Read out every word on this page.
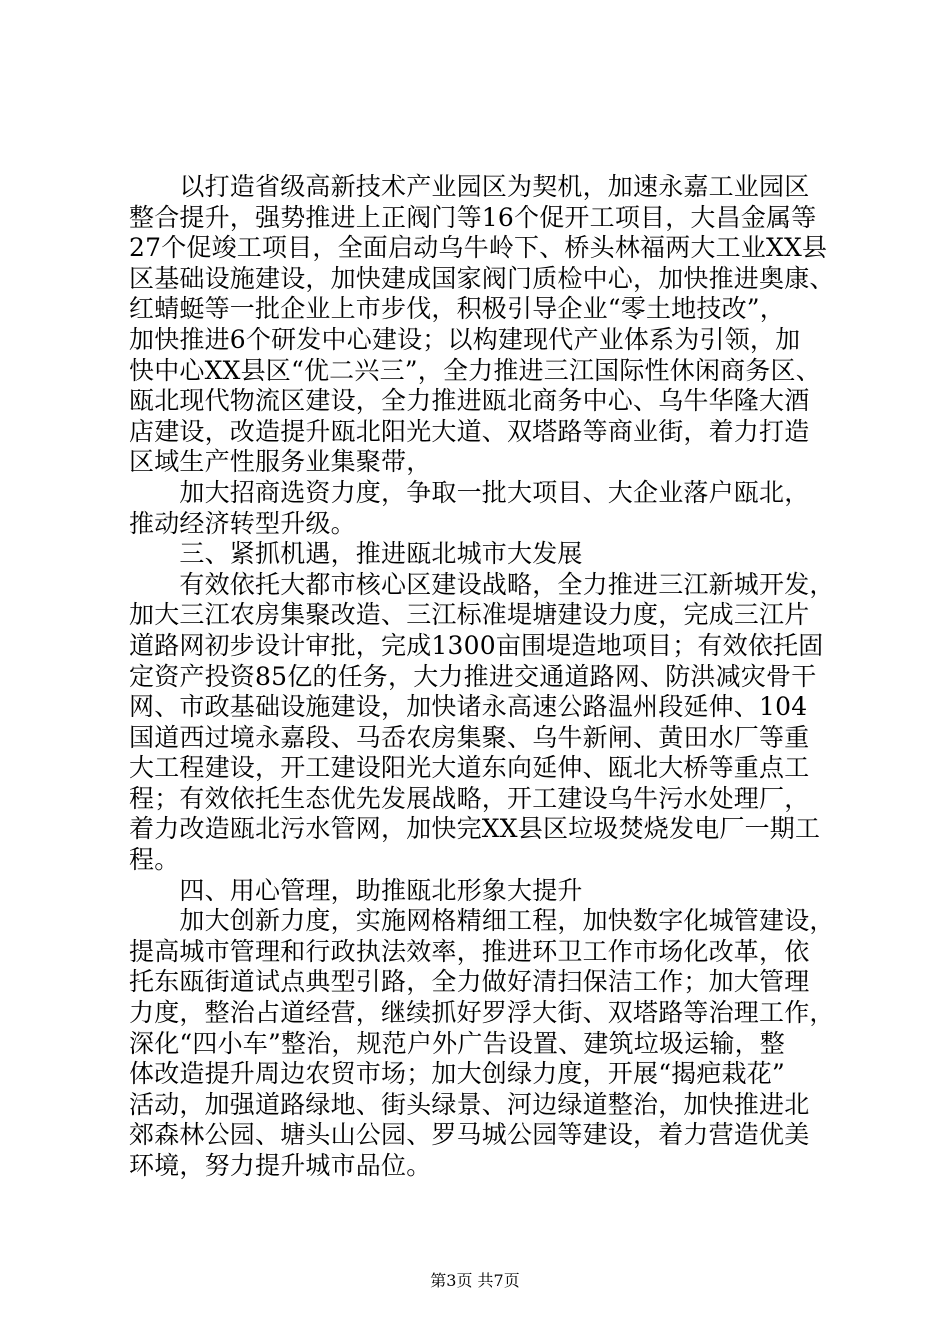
　　以打造省级高新技术产业园区为契机，加速永嘉工业园区
整合提升，强势推进上正阀门等16个促开工项目，大昌金属等
27个促竣工项目，全面启动乌牛岭下、桥头林福两大工业XX县
区基础设施建设，加快建成国家阀门质检中心，加快推进奥康、
红蜻蜓等一批企业上市步伐，积极引导企业“零土地技改”，
加快推进6个研发中心建设；以构建现代产业体系为引领，加
快中心XX县区“优二兴三”，全力推进三江国际性休闲商务区、
瓯北现代物流区建设，全力推进瓯北商务中心、乌牛华隆大酒
店建设，改造提升瓯北阳光大道、双塔路等商业街，着力打造
区域生产性服务业集聚带，
　　加大招商选资力度，争取一批大项目、大企业落户瓯北，
推动经济转型升级。
　　三、紧抓机遇，推进瓯北城市大发展
　　有效依托大都市核心区建设战略，全力推进三江新城开发，
加大三江农房集聚改造、三江标准堤塘建设力度，完成三江片
道路网初步设计审批，完成1300亩围堤造地项目；有效依托固
定资产投资85亿的任务，大力推进交通道路网、防洪减灾骨干
网、市政基础设施建设，加快诸永高速公路温州段延伸、104
国道西过境永嘉段、马岙农房集聚、乌牛新闸、黄田水厂等重
大工程建设，开工建设阳光大道东向延伸、瓯北大桥等重点工
程；有效依托生态优先发展战略，开工建设乌牛污水处理厂，
着力改造瓯北污水管网，加快完XX县区垃圾焚烧发电厂一期工
程。
　　四、用心管理，助推瓯北形象大提升
　　加大创新力度，实施网格精细工程，加快数字化城管建设，
提高城市管理和行政执法效率，推进环卫工作市场化改革，依
托东瓯街道试点典型引路，全力做好清扫保洁工作；加大管理
力度，整治占道经营，继续抓好罗浮大街、双塔路等治理工作，
深化“四小车”整治，规范户外广告设置、建筑垃圾运输，整
体改造提升周边农贸市场；加大创绿力度，开展“揭疤栽花”
活动，加强道路绿地、街头绿景、河边绿道整治，加快推进北
郊森林公园、塘头山公园、罗马城公园等建设，着力营造优美
环境，努力提升城市品位。
第3页 共7页
